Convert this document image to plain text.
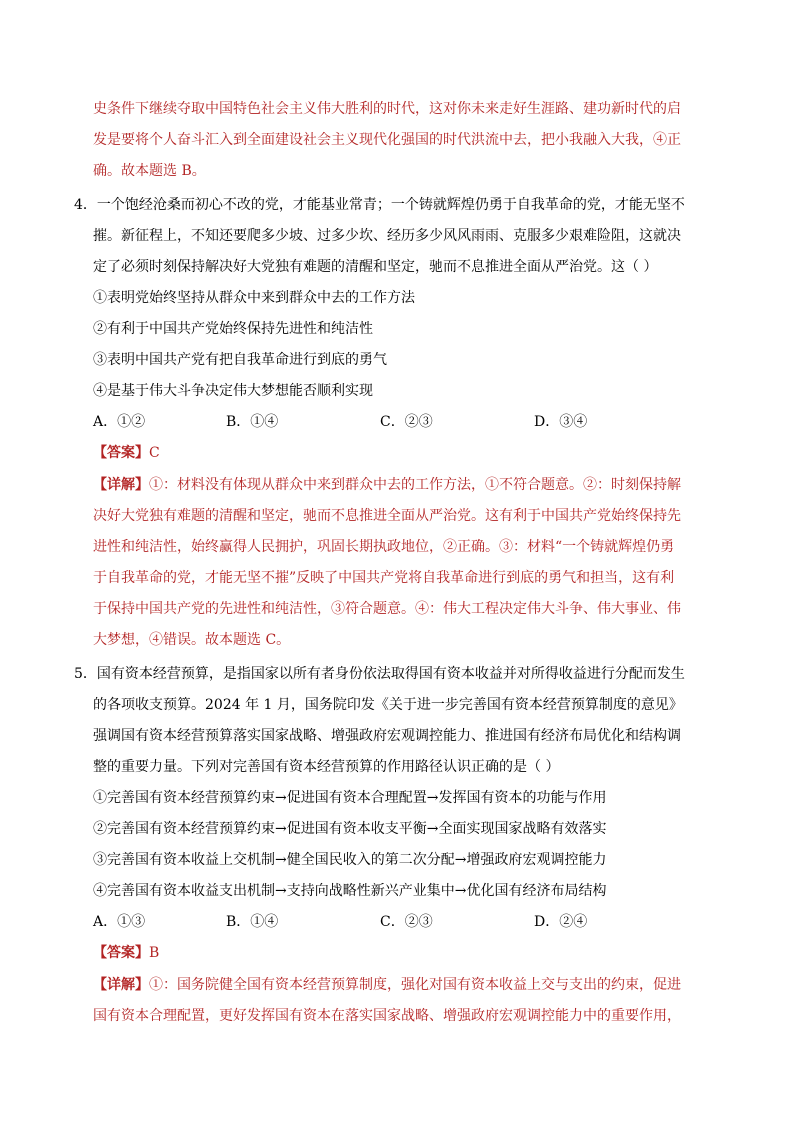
史条件下继续夺取中国特色社会主义伟大胜利的时代，这对你未来走好生涯路、建功新时代的启
发是要将个人奋斗汇入到全面建设社会主义现代化强国的时代洪流中去，把小我融入大我，④正
确。故本题选 B。
4．一个饱经沧桑而初心不改的党，才能基业常青；一个铸就辉煌仍勇于自我革命的党，才能无坚不
摧。新征程上，不知还要爬多少坡、过多少坎、经历多少风风雨雨、克服多少艰难险阻，这就决
定了必须时刻保持解决好大党独有难题的清醒和坚定，驰而不息推进全面从严治党。这（ ）
①表明党始终坚持从群众中来到群众中去的工作方法
②有利于中国共产党始终保持先进性和纯洁性
③表明中国共产党有把自我革命进行到底的勇气
④是基于伟大斗争决定伟大梦想能否顺利实现
A．①②	B．①④	C．②③	D．③④
【答案】C
【详解】①：材料没有体现从群众中来到群众中去的工作方法，①不符合题意。②：时刻保持解
决好大党独有难题的清醒和坚定，驰而不息推进全面从严治党。这有利于中国共产党始终保持先
进性和纯洁性，始终赢得人民拥护，巩固长期执政地位，②正确。③：材料“一个铸就辉煌仍勇
于自我革命的党，才能无坚不摧”反映了中国共产党将自我革命进行到底的勇气和担当，这有利
于保持中国共产党的先进性和纯洁性，③符合题意。④：伟大工程决定伟大斗争、伟大事业、伟
大梦想，④错误。故本题选 C。
5．国有资本经营预算，是指国家以所有者身份依法取得国有资本收益并对所得收益进行分配而发生
的各项收支预算。2024 年 1 月，国务院印发《关于进一步完善国有资本经营预算制度的意见》
强调国有资本经营预算落实国家战略、增强政府宏观调控能力、推进国有经济布局优化和结构调
整的重要力量。下列对完善国有资本经营预算的作用路径认识正确的是（ ）
①完善国有资本经营预算约束→促进国有资本合理配置→发挥国有资本的功能与作用
②完善国有资本经营预算约束→促进国有资本收支平衡→全面实现国家战略有效落实
③完善国有资本收益上交机制→健全国民收入的第二次分配→增强政府宏观调控能力
④完善国有资本收益支出机制→支持向战略性新兴产业集中→优化国有经济布局结构
A．①③	B．①④	C．②③	D．②④
【答案】B
【详解】①：国务院健全国有资本经营预算制度，强化对国有资本收益上交与支出的约束，促进
国有资本合理配置，更好发挥国有资本在落实国家战略、增强政府宏观调控能力中的重要作用，
